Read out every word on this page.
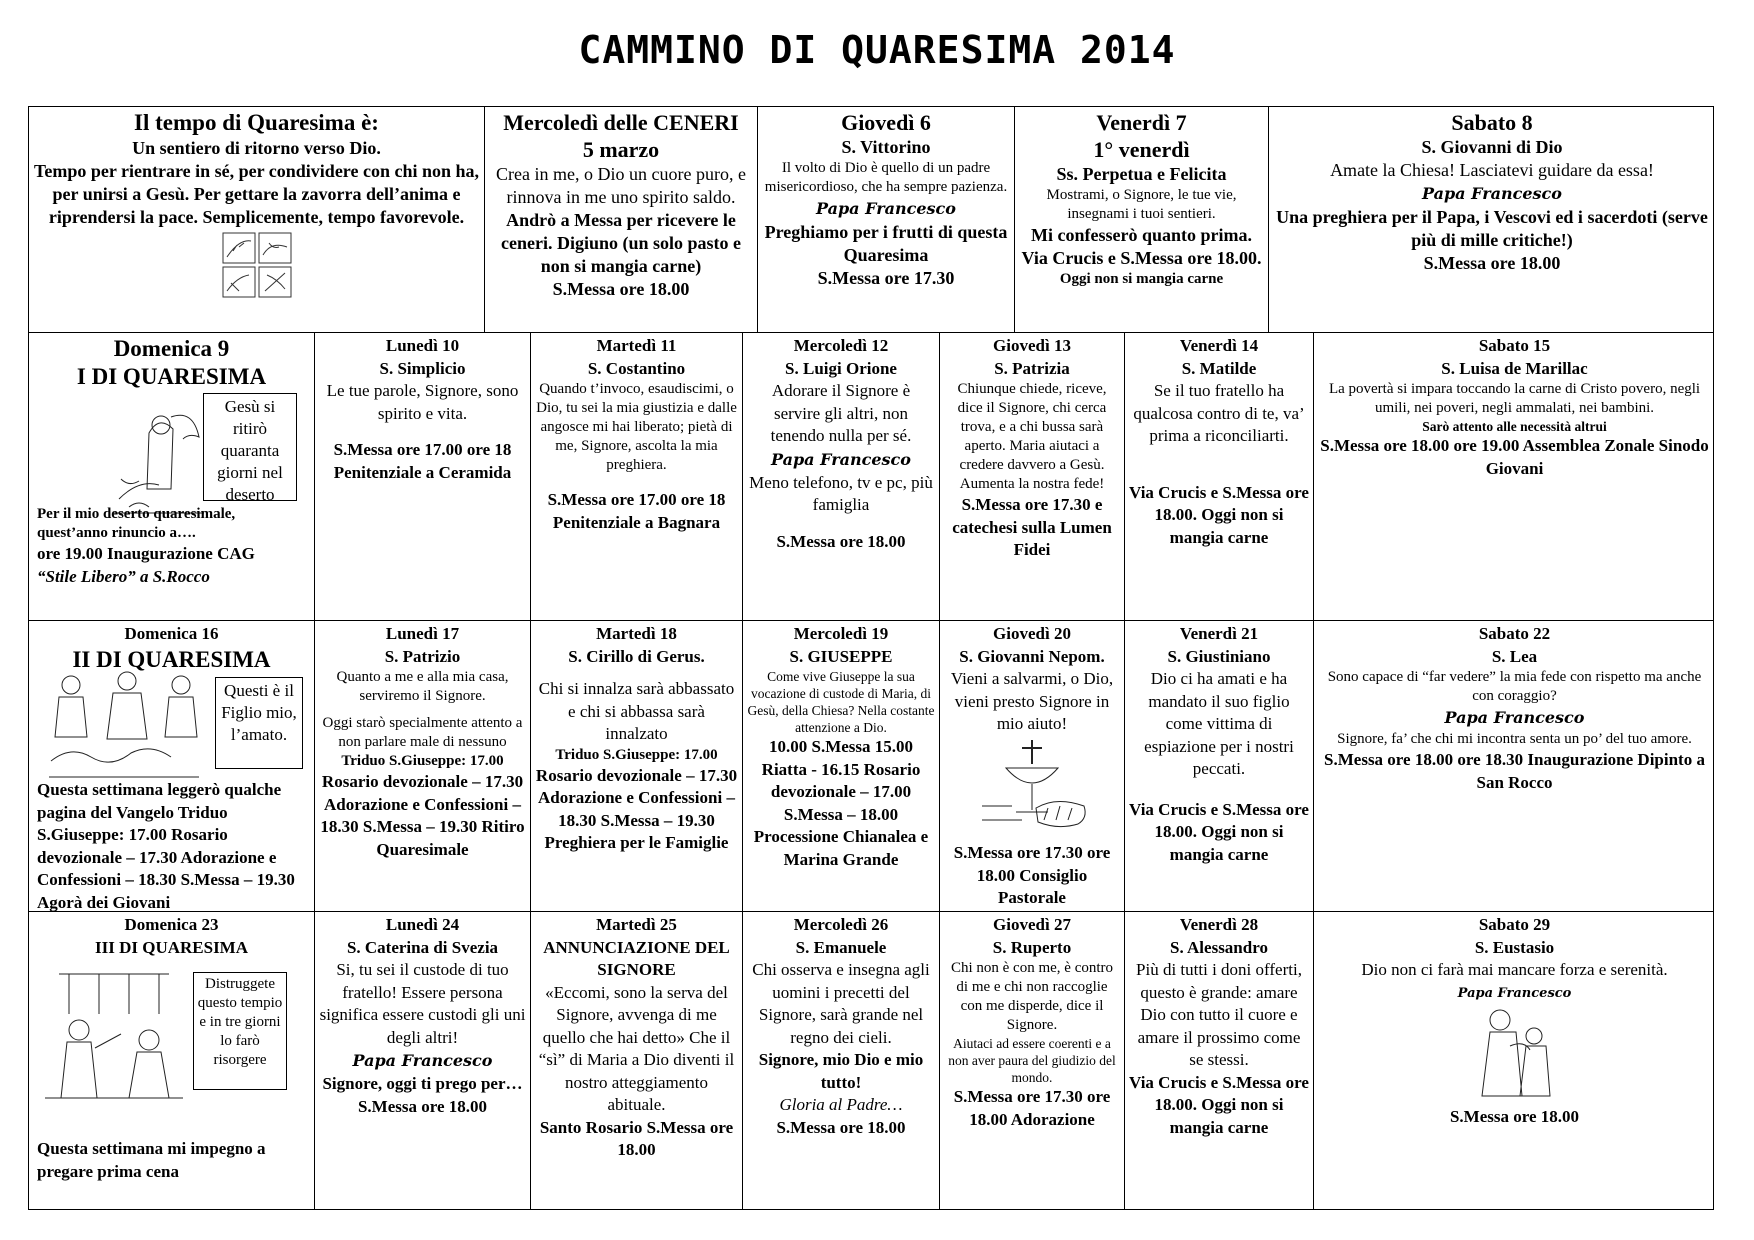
CAMMINO DI QUARESIMA 2014
Il tempo di Quaresima è:
Un sentiero di ritorno verso Dio.
Tempo per rientrare in sé, per condividere con chi non ha, per unirsi a Gesù. Per gettare la zavorra dell’anima e riprendersi la pace. Semplicemente, tempo favorevole.
Mercoledì delle CENERI
5 marzo
Crea in me, o Dio un cuore puro, e rinnova in me uno spirito saldo.
Andrò a Messa per ricevere le ceneri. Digiuno (un solo pasto e non si mangia carne)
S.Messa ore 18.00
Giovedì 6
S. Vittorino
Il volto di Dio è quello di un padre misericordioso, che ha sempre pazienza.
Papa Francesco
Preghiamo per i frutti di questa Quaresima
S.Messa ore 17.30
Venerdì 7
1° venerdì
Ss. Perpetua e Felicita
Mostrami, o Signore, le tue vie, insegnami i tuoi sentieri.
Mi confesserò quanto prima. Via Crucis e S.Messa ore 18.00.
Oggi non si mangia carne
Sabato 8
S. Giovanni di Dio
Amate la Chiesa! Lasciatevi guidare da essa!
Papa Francesco
Una preghiera per il Papa, i Vescovi ed i sacerdoti (serve più di mille critiche!)
S.Messa ore 18.00
Domenica 9
I DI QUARESIMA
Gesù si ritirò quaranta giorni nel deserto
Per il mio deserto quaresimale, quest’anno rinuncio a….
ore 19.00 Inaugurazione CAG
“Stile Libero” a S.Rocco
Lunedì 10
S. Simplicio
Le tue parole, Signore, sono spirito e vita.
S.Messa ore 17.00 ore 18 Penitenziale a Ceramida
Martedì 11
S. Costantino
Quando t’invoco, esaudiscimi, o Dio, tu sei la mia giustizia e dalle angosce mi hai liberato; pietà di me, Signore, ascolta la mia preghiera.
S.Messa ore 17.00 ore 18 Penitenziale a Bagnara
Mercoledì 12
S. Luigi Orione
Adorare il Signore è servire gli altri, non tenendo nulla per sé.
Papa Francesco
Meno telefono, tv e pc, più famiglia
S.Messa ore 18.00
Giovedì 13
S. Patrizia
Chiunque chiede, riceve, dice il Signore, chi cerca trova, e a chi bussa sarà aperto. Maria aiutaci a credere davvero a Gesù. Aumenta la nostra fede!
S.Messa ore 17.30 e catechesi sulla Lumen Fidei
Venerdì 14
S. Matilde
Se il tuo fratello ha qualcosa contro di te, va’ prima a riconciliarti.
Via Crucis e S.Messa ore 18.00. Oggi non si mangia carne
Sabato 15
S. Luisa de Marillac
La povertà si impara toccando la carne di Cristo povero, negli umili, nei poveri, negli ammalati, nei bambini.
Sarò attento alle necessità altrui
S.Messa ore 18.00 ore 19.00 Assemblea Zonale Sinodo Giovani
Domenica 16
II DI QUARESIMA
Questi è il Figlio mio, l’amato.
Questa settimana leggerò qualche pagina del Vangelo Triduo S.Giuseppe: 17.00 Rosario devozionale – 17.30 Adorazione e Confessioni – 18.30 S.Messa – 19.30 Agorà dei Giovani
Lunedì 17
S. Patrizio
Quanto a me e alla mia casa, serviremo il Signore.
Oggi starò specialmente attento a non parlare male di nessuno
Triduo S.Giuseppe: 17.00
Rosario devozionale – 17.30 Adorazione e Confessioni – 18.30 S.Messa – 19.30 Ritiro Quaresimale
Martedì 18
S. Cirillo di Gerus.
Chi si innalza sarà abbassato e chi si abbassa sarà innalzato
Triduo S.Giuseppe: 17.00
Rosario devozionale – 17.30 Adorazione e Confessioni – 18.30 S.Messa – 19.30 Preghiera per le Famiglie
Mercoledì 19
S. GIUSEPPE
Come vive Giuseppe la sua vocazione di custode di Maria, di Gesù, della Chiesa? Nella costante attenzione a Dio.
10.00 S.Messa 15.00 Riatta - 16.15 Rosario devozionale – 17.00 S.Messa – 18.00 Processione Chianalea e Marina Grande
Giovedì 20
S. Giovanni Nepom.
Vieni a salvarmi, o Dio, vieni presto Signore in mio aiuto!
S.Messa ore 17.30 ore 18.00 Consiglio Pastorale
Venerdì 21
S. Giustiniano
Dio ci ha amati e ha mandato il suo figlio come vittima di espiazione per i nostri peccati.
Via Crucis e S.Messa ore 18.00. Oggi non si mangia carne
Sabato 22
S. Lea
Sono capace di “far vedere” la mia fede con rispetto ma anche con coraggio?
Papa Francesco
Signore, fa’ che chi mi incontra senta un po’ del tuo amore.
S.Messa ore 18.00 ore 18.30 Inaugurazione Dipinto a San Rocco
Domenica 23
III DI QUARESIMA
Distruggete questo tempio e in tre giorni lo farò risorgere
Questa settimana mi impegno a pregare prima cena
Lunedì 24
S. Caterina di Svezia
Si, tu sei il custode di tuo fratello! Essere persona significa essere custodi gli uni degli altri!
Papa Francesco
Signore, oggi ti prego per…
S.Messa ore 18.00
Martedì 25
ANNUNCIAZIONE DEL SIGNORE
«Eccomi, sono la serva del Signore, avvenga di me quello che hai detto» Che il “sì” di Maria a Dio diventi il nostro atteggiamento abituale.
Santo Rosario S.Messa ore 18.00
Mercoledì 26
S. Emanuele
Chi osserva e insegna agli uomini i precetti del Signore, sarà grande nel regno dei cieli.
Signore, mio Dio e mio tutto!
Gloria al Padre…
S.Messa ore 18.00
Giovedì 27
S. Ruperto
Chi non è con me, è contro di me e chi non raccoglie con me disperde, dice il Signore.
Aiutaci ad essere coerenti e a non aver paura del giudizio del mondo.
S.Messa ore 17.30 ore 18.00 Adorazione
Venerdì 28
S. Alessandro
Più di tutti i doni offerti, questo è grande: amare Dio con tutto il cuore e amare il prossimo come se stessi.
Via Crucis e S.Messa ore 18.00. Oggi non si mangia carne
Sabato 29
S. Eustasio
Dio non ci farà mai mancare forza e serenità.
Papa Francesco
S.Messa ore 18.00
